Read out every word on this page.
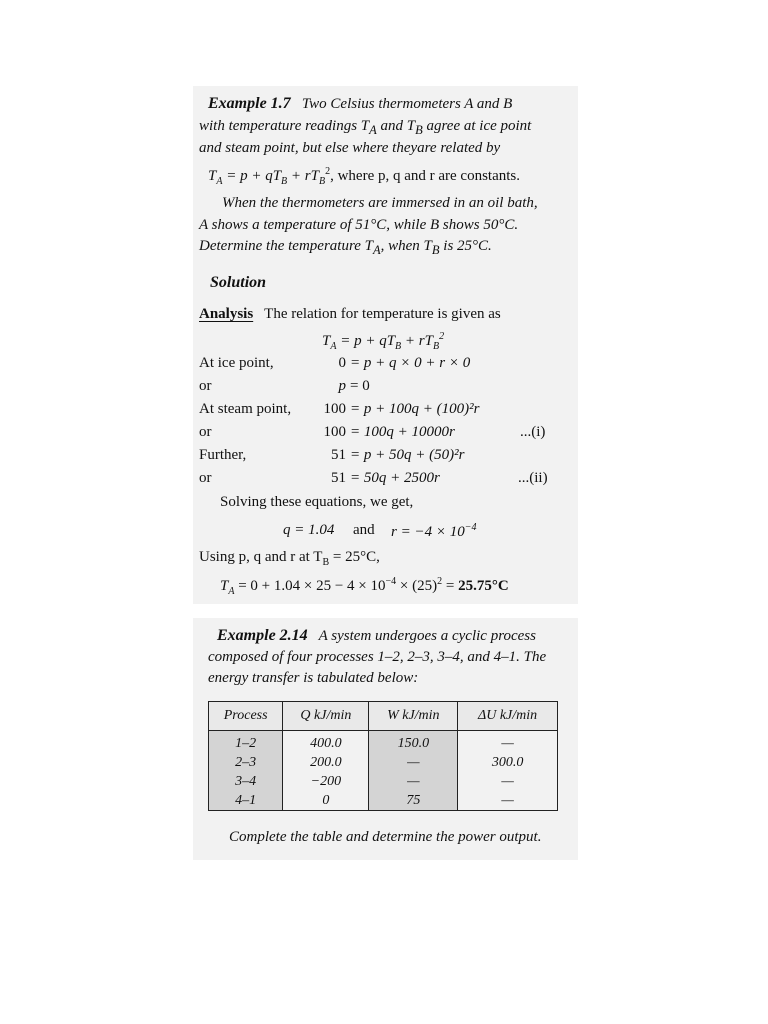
Example 1.7 Two Celsius thermometers A and B
with temperature readings $T_A$ and $T_B$ agree at ice point
and steam point, but else where theyare related by
$T_A = p + qT_B + rT_B^2$, where p, q and r are constants.
When the thermometers are immersed in an oil bath,
A shows a temperature of 51°C, while B shows 50°C.
Determine the temperature $T_A$, when $T_B$ is 25°C.
Solution
Analysis The relation for temperature is given as
$T_A = p + qT_B + rT_B^2$
At ice point,	0 = p + q × 0 + r × 0
or	p = 0
At steam point,	100 = p + 100q + (100)²r
or	100 = 100q + 10000r	...(i)
Further,	51 = p + 50q + (50)²r
or	51 = 50q + 2500r	...(ii)
Solving these equations, we get,
q = 1.04 and $r = -4 \times 10^{-4}$
Using p, q and r at $T_B = 25^\circ C$,
$T_A = 0 + 1.04 \times 25 - 4 \times 10^{-4} \times (25)^2 = 25.75^\circ C$
Example 2.14 A system undergoes a cyclic process
composed of four processes 1–2, 2–3, 3–4, and 4–1. The
energy transfer is tabulated below:
Process	Q kJ/min	W kJ/min	ΔU kJ/min
1–2	400.0	150.0	—
2–3	200.0	—	300.0
3–4	−200	—	—
4–1	0	75	—
Complete the table and determine the power output.
